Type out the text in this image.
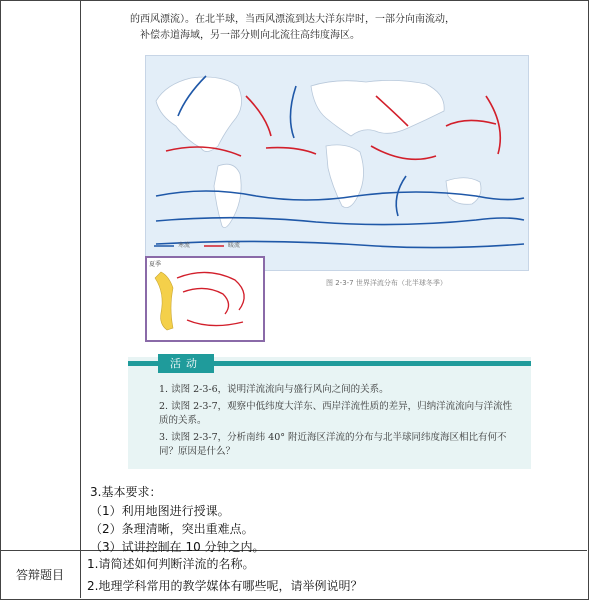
的西风漂流）。在北半球，当西风漂流到达大洋东岸时，一部分向南流动，
补偿赤道海域，另一部分则向北流往高纬度海区。
寒流	暖流
夏季
图 2-3-7 世界洋流分布（北半球冬季）
活动
1. 读图 2-3-6，说明洋流流向与盛行风向之间的关系。
2. 读图 2-3-7，观察中低纬度大洋东、西岸洋流性质的差异，归纳洋流流向与洋流性质的关系。
3. 读图 2-3-7，分析南纬 40° 附近海区洋流的分布与北半球同纬度海区相比有何不同？原因是什么？
3.基本要求：
（1）利用地图进行授课。
（2）条理清晰，突出重难点。
（3）试讲控制在 10 分钟之内。
答辩题目
1.请简述如何判断洋流的名称。
2.地理学科常用的教学媒体有哪些呢，请举例说明？
